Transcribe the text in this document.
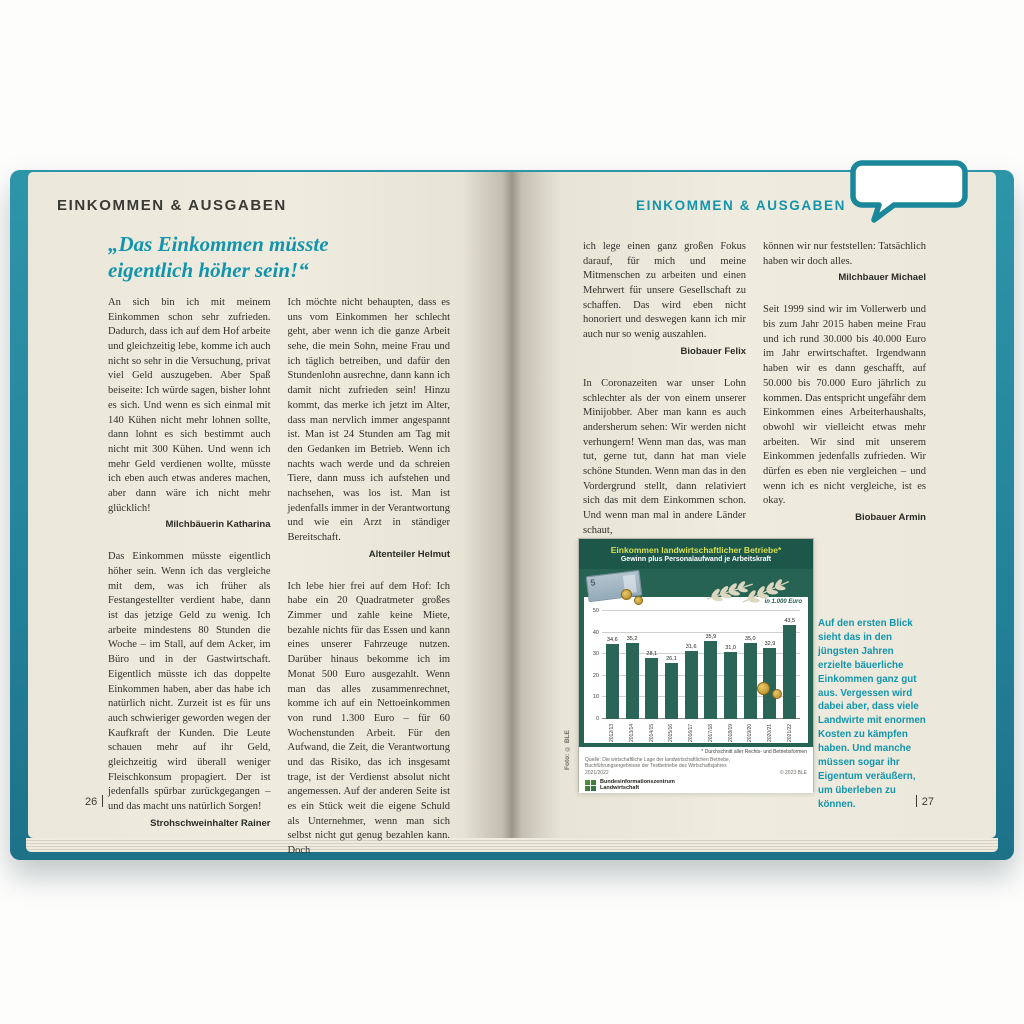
EINKOMMEN & AUSGABEN
„Das Einkommen müsste
eigentlich höher sein!“
An sich bin ich mit meinem Einkommen schon sehr zufrieden. Dadurch, dass ich auf dem Hof arbeite und gleichzeitig lebe, komme ich auch nicht so sehr in die Versuchung, privat viel Geld auszugeben. Aber Spaß beiseite: Ich würde sagen, bisher lohnt es sich. Und wenn es sich einmal mit 140 Kühen nicht mehr lohnen sollte, dann lohnt es sich bestimmt auch nicht mit 300 Kühen. Und wenn ich mehr Geld verdienen wollte, müsste ich eben auch etwas anderes machen, aber dann wäre ich nicht mehr glücklich!
Milchbäuerin Katharina
Das Einkommen müsste eigentlich höher sein. Wenn ich das vergleiche mit dem, was ich früher als Festangestellter verdient habe, dann ist das jetzige Geld zu wenig. Ich arbeite mindestens 80 Stunden die Woche – im Stall, auf dem Acker, im Büro und in der Gastwirtschaft. Eigentlich müsste ich das doppelte Einkommen haben, aber das habe ich natürlich nicht. Zurzeit ist es für uns auch schwieriger geworden wegen der Kaufkraft der Kunden. Die Leute schauen mehr auf ihr Geld, gleichzeitig wird überall weniger Fleischkonsum propagiert. Der ist jedenfalls spürbar zurückgegangen – und das macht uns natürlich Sorgen!
Strohschweinhalter Rainer
Ich möchte nicht behaupten, dass es uns vom Einkommen her schlecht geht, aber wenn ich die ganze Arbeit sehe, die mein Sohn, meine Frau und ich täglich betreiben, und dafür den Stundenlohn ausrechne, dann kann ich damit nicht zufrieden sein! Hinzu kommt, das merke ich jetzt im Alter, dass man nervlich immer angespannt ist. Man ist 24 Stunden am Tag mit den Gedanken im Betrieb. Wenn ich nachts wach werde und da schreien Tiere, dann muss ich aufstehen und nachsehen, was los ist. Man ist jedenfalls immer in der Verantwortung und wie ein Arzt in ständiger Bereitschaft.
Altenteiler Helmut
Ich lebe hier frei auf dem Hof: Ich habe ein 20 Quadratmeter großes Zimmer und zahle keine Miete, bezahle nichts für das Essen und kann eines unserer Fahrzeuge nutzen. Darüber hinaus bekomme ich im Monat 500 Euro ausgezahlt. Wenn man das alles zusammenrechnet, komme ich auf ein Nettoeinkommen von rund 1.300 Euro – für 60 Wochenstunden Arbeit. Für den Aufwand, die Zeit, die Verantwortung und das Risiko, das ich insgesamt trage, ist der Verdienst absolut nicht angemessen. Auf der anderen Seite ist es ein Stück weit die eigene Schuld als Unternehmer, wenn man sich selbst nicht gut genug bezahlen kann. Doch
26
EINKOMMEN & AUSGABEN
ich lege einen ganz großen Fokus darauf, für mich und meine Mitmenschen zu arbeiten und einen Mehrwert für unsere Gesellschaft zu schaffen. Das wird eben nicht honoriert und deswegen kann ich mir auch nur so wenig auszahlen.
Biobauer Felix
In Coronazeiten war unser Lohn schlechter als der von einem unserer Minijobber. Aber man kann es auch andersherum sehen: Wir werden nicht verhungern! Wenn man das, was man tut, gerne tut, dann hat man viele schöne Stunden. Wenn man das in den Vordergrund stellt, dann relativiert sich das mit dem Einkommen schon. Und wenn man mal in andere Länder schaut,
können wir nur feststellen: Tatsächlich haben wir doch alles.
Milchbauer Michael
Seit 1999 sind wir im Vollerwerb und bis zum Jahr 2015 haben meine Frau und ich rund 30.000 bis 40.000 Euro im Jahr erwirtschaftet. Irgendwann haben wir es dann geschafft, auf 50.000 bis 70.000 Euro jährlich zu kommen. Das entspricht ungefähr dem Einkommen eines Arbeiterhaushalts, obwohl wir vielleicht etwas mehr arbeiten. Wir sind mit unserem Einkommen jedenfalls zufrieden. Wir dürfen es eben nie vergleichen – und wenn ich es nicht vergleiche, ist es okay.
Biobauer Armin
Foto: © BLE
Einkommen landwirtschaftlicher Betriebe*
Gewinn plus Personalaufwand je Arbeitskraft
5
in 1.000 Euro
0
10
20
30
40
50
34,6 35,2
28,1
26,1
31,6
35,9
31,0
35,0
32,9
43,5
2012/13	2013/14	2014/15	2015/16	2016/17	2017/18	2018/19	2019/20	2020/21	2021/22
* Durchschnitt aller Rechts- und Betriebsformen
Quelle: Die wirtschaftliche Lage der landwirtschaftlichen Betriebe, Buchführungsergebnisse der Testbetriebe des Wirtschaftsjahres 2021/2022	© 2023 BLE
Bundesinformationszentrum Landwirtschaft
Auf den ersten Blick sieht das in den jüngsten Jahren erzielte bäuerliche Einkommen ganz gut aus. Vergessen wird dabei aber, dass viele Landwirte mit enormen Kosten zu kämpfen haben. Und manche müssen sogar ihr Eigentum veräußern, um überleben zu können.	27
